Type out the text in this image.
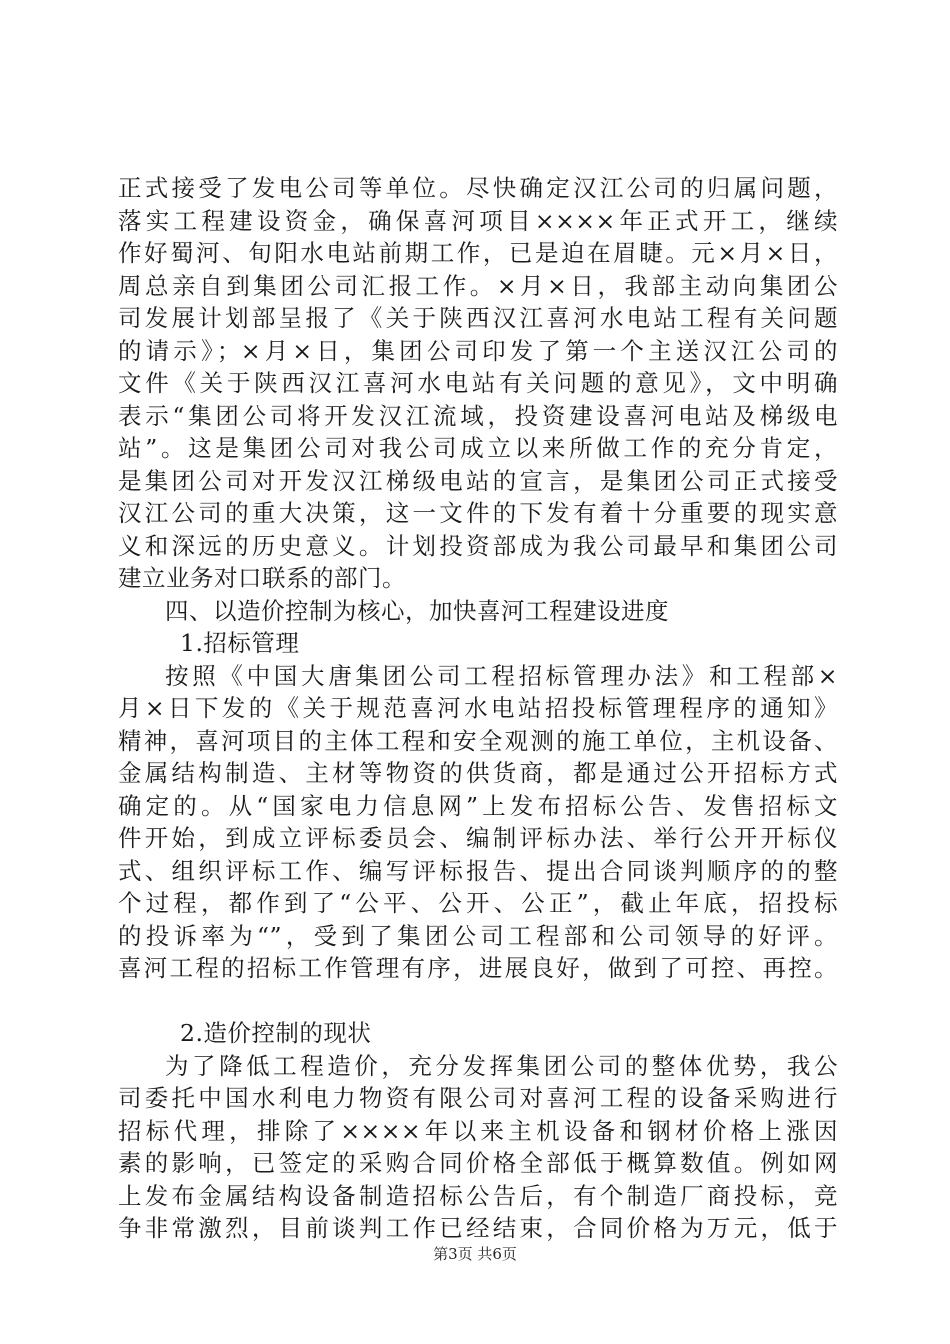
正式接受了发电公司等单位。尽快确定汉江公司的归属问题，
落实工程建设资金，确保喜河项目××××年正式开工，继续
作好蜀河、旬阳水电站前期工作，已是迫在眉睫。元×月×日，
周总亲自到集团公司汇报工作。×月×日，我部主动向集团公
司发展计划部呈报了《关于陕西汉江喜河水电站工程有关问题
的请示》；×月×日，集团公司印发了第一个主送汉江公司的
文件《关于陕西汉江喜河水电站有关问题的意见》，文中明确
表示“集团公司将开发汉江流域，投资建设喜河电站及梯级电
站”。这是集团公司对我公司成立以来所做工作的充分肯定，
是集团公司对开发汉江梯级电站的宣言，是集团公司正式接受
汉江公司的重大决策，这一文件的下发有着十分重要的现实意
义和深远的历史意义。计划投资部成为我公司最早和集团公司
建立业务对口联系的部门。
四、以造价控制为核心，加快喜河工程建设进度
1.招标管理
按照《中国大唐集团公司工程招标管理办法》和工程部×
月×日下发的《关于规范喜河水电站招投标管理程序的通知》
精神，喜河项目的主体工程和安全观测的施工单位，主机设备、
金属结构制造、主材等物资的供货商，都是通过公开招标方式
确定的。从“国家电力信息网”上发布招标公告、发售招标文
件开始，到成立评标委员会、编制评标办法、举行公开开标仪
式、组织评标工作、编写评标报告、提出合同谈判顺序的的整
个过程，都作到了“公平、公开、公正”，截止年底，招投标
的投诉率为“”，受到了集团公司工程部和公司领导的好评。
喜河工程的招标工作管理有序，进展良好，做到了可控、再控。
2.造价控制的现状
为了降低工程造价，充分发挥集团公司的整体优势，我公
司委托中国水利电力物资有限公司对喜河工程的设备采购进行
招标代理，排除了××××年以来主机设备和钢材价格上涨因
素的影响，已签定的采购合同价格全部低于概算数值。例如网
上发布金属结构设备制造招标公告后，有个制造厂商投标，竞
争非常激烈，目前谈判工作已经结束，合同价格为万元，低于
第3页 共6页
